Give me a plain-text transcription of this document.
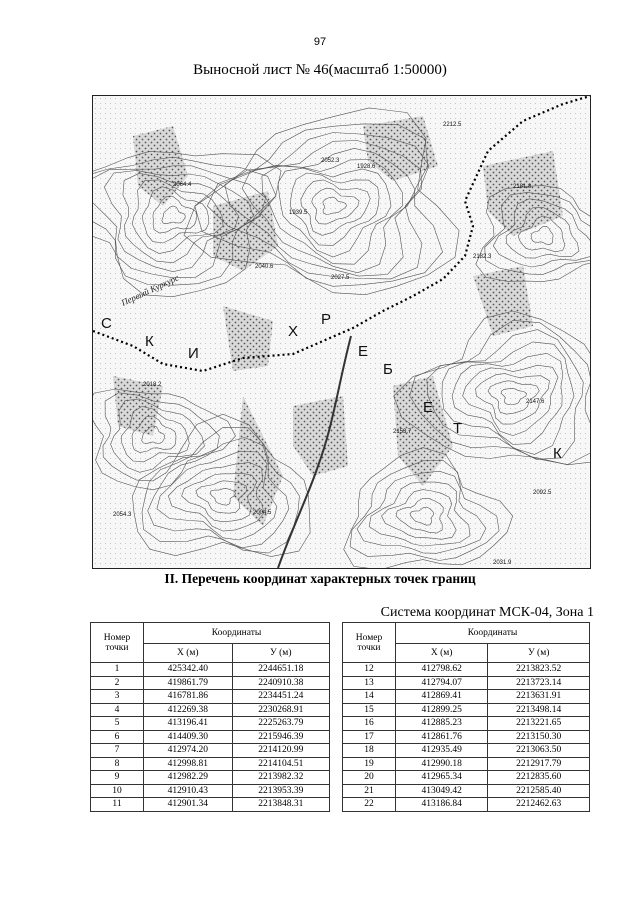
97
Выносной лист № 46(масштаб 1:50000)
2052.3
2064.4
2040.6
1939.5
2181.8
2182.3
1928.6
2027.5
2018.2
2153.7
2004.5
2054.3
2092.5
2031.9
2147.6
2212.5
Первый Куркурс
С
К
И
Х
Р
Е
Б
Е
Т
К
II. Перечень координат характерных точек границ
Система координат МСК-04, Зона 1
Номер точки	Координаты	
	X (м)	У (м)
1	425342.40	2244651.18
2	419861.79	2240910.38
3	416781.86	2234451.24
4	412269.38	2230268.91
5	413196.41	2225263.79
6	414409.30	2215946.39
7	412974.20	2214120.99
8	412998.81	2214104.51
9	412982.29	2213982.32
10	412910.43	2213953.39
11	412901.34	2213848.31
Номер точки	Координаты	
	X (м)	У (м)
12	412798.62	2213823.52
13	412794.07	2213723.14
14	412869.41	2213631.91
15	412899.25	2213498.14
16	412885.23	2213221.65
17	412861.76	2213150.30
18	412935.49	2213063.50
19	412990.18	2212917.79
20	412965.34	2212835.60
21	413049.42	2212585.40
22	413186.84	2212462.63
